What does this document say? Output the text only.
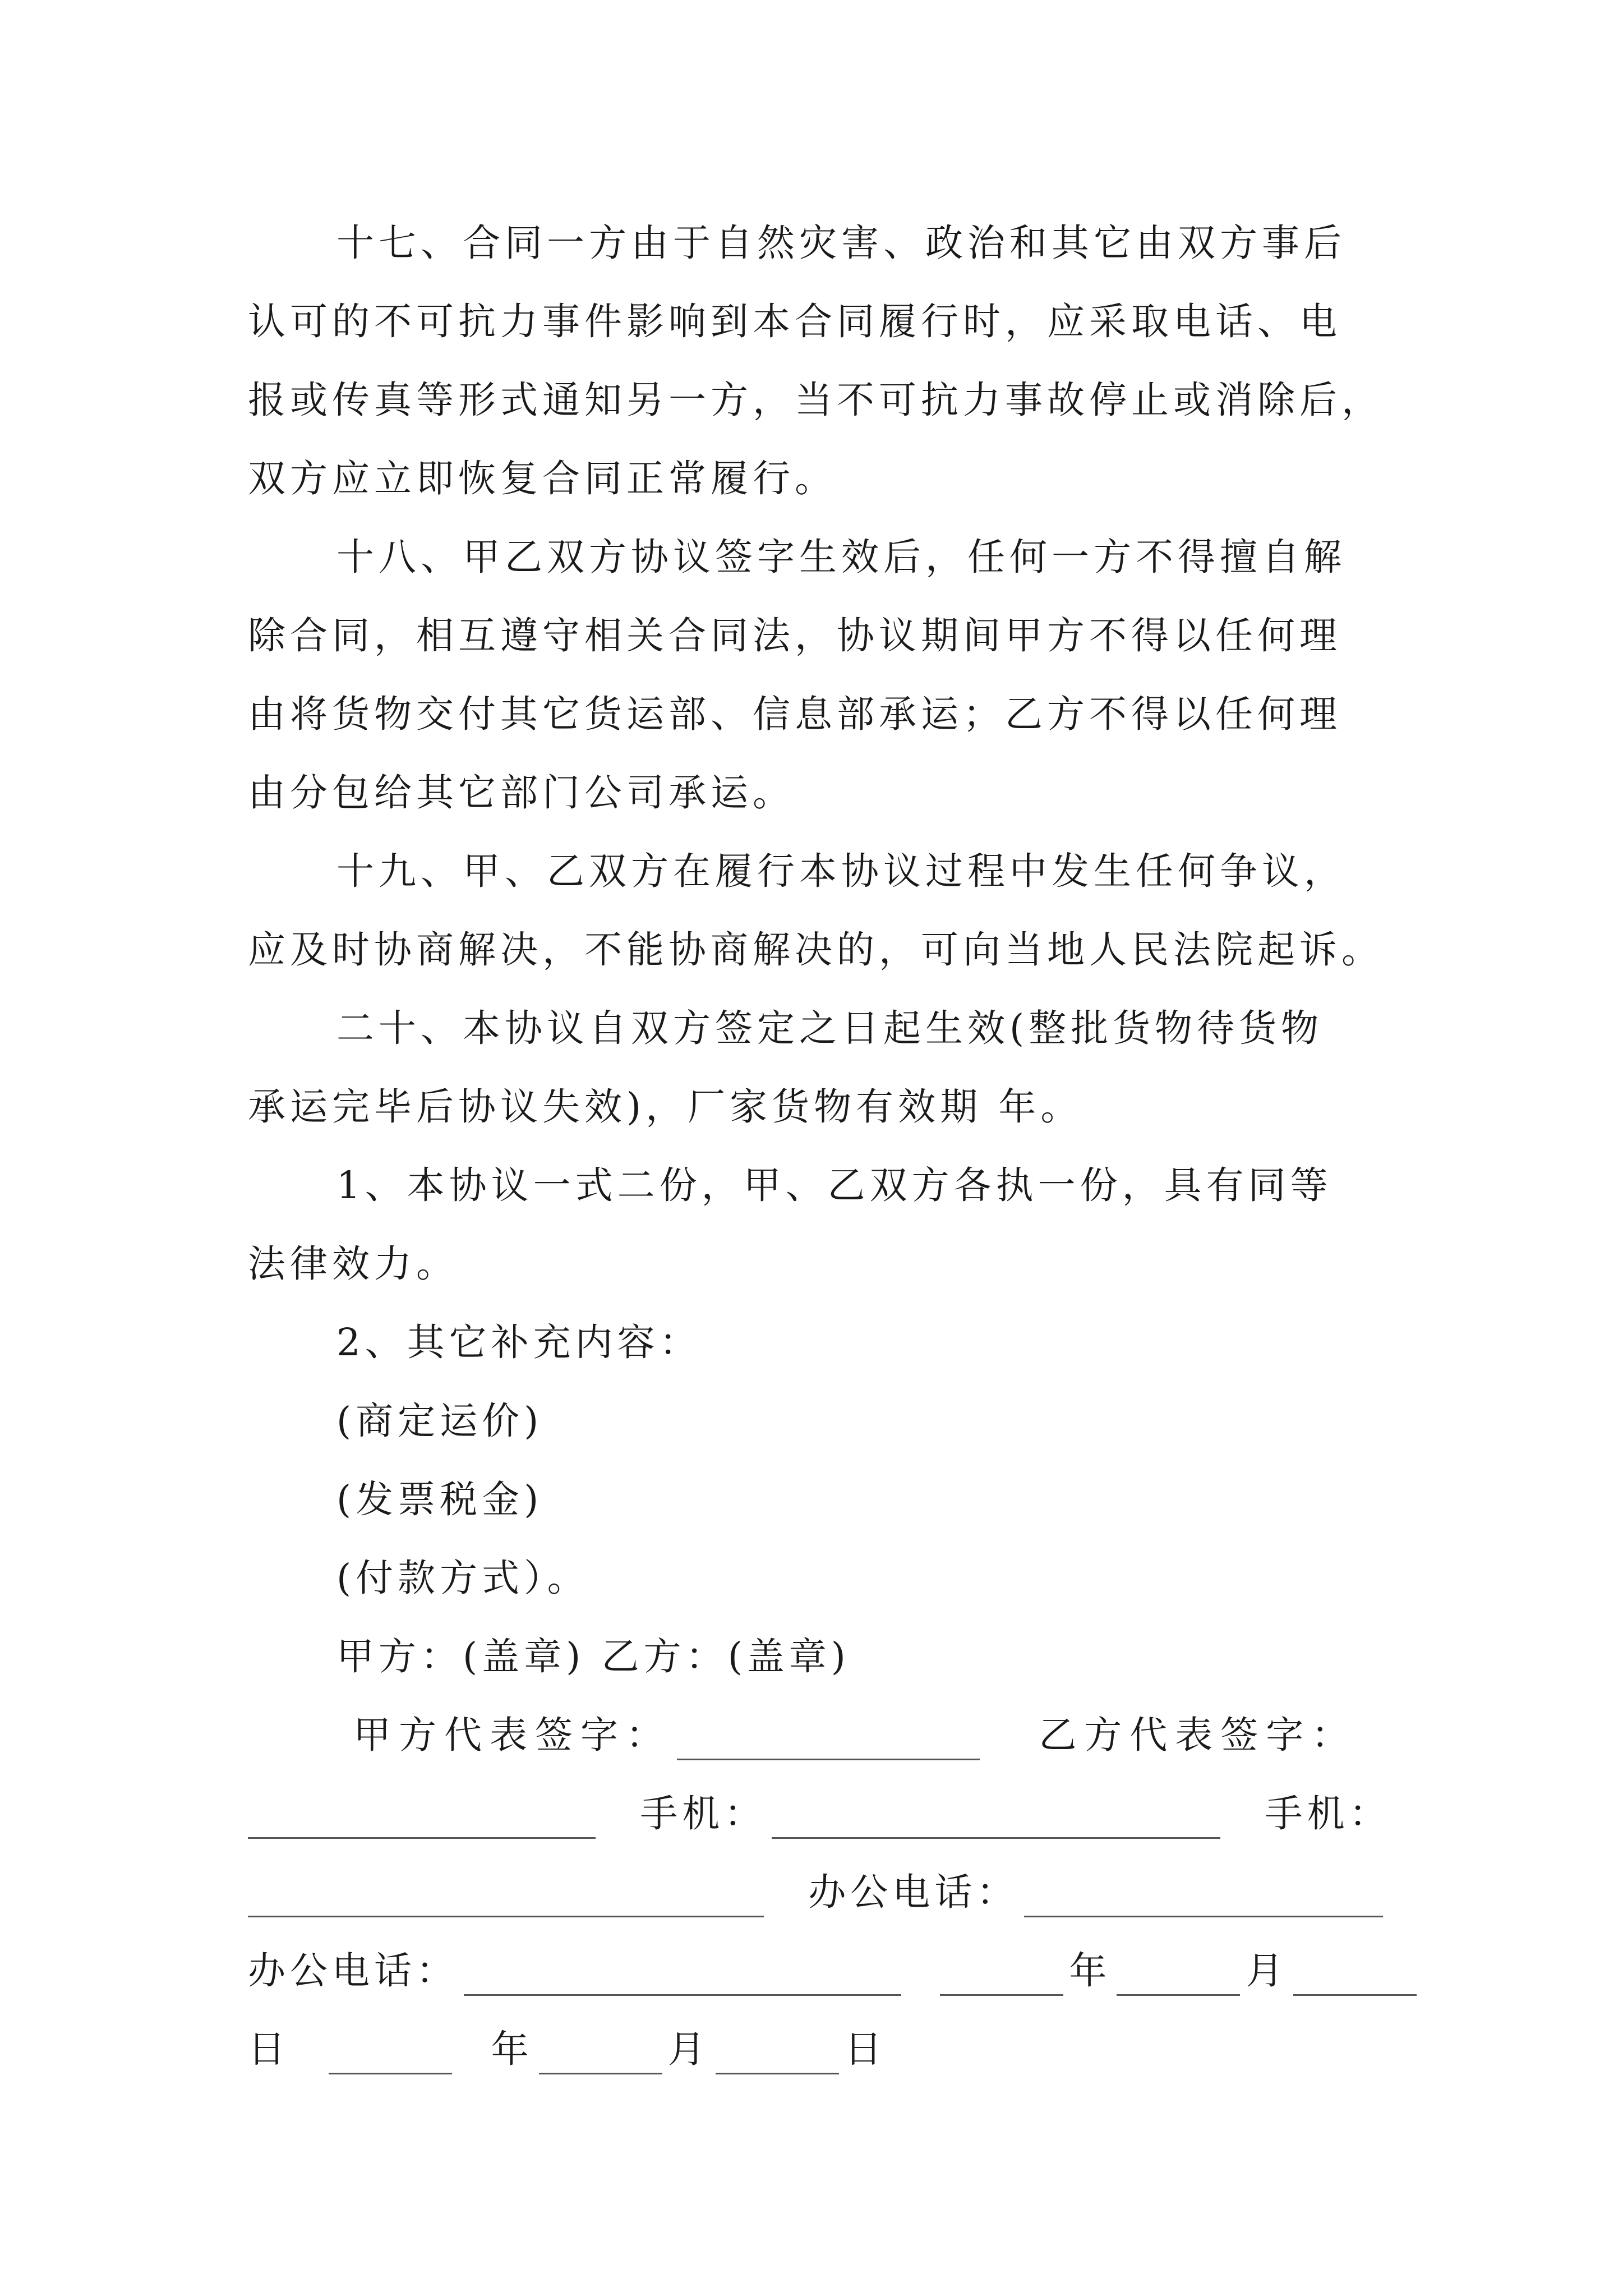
十七、合同一方由于自然灾害、政治和其它由双方事后
认可的不可抗力事件影响到本合同履行时，应采取电话、电
报或传真等形式通知另一方，当不可抗力事故停止或消除后，
双方应立即恢复合同正常履行。
十八、甲乙双方协议签字生效后，任何一方不得擅自解
除合同，相互遵守相关合同法，协议期间甲方不得以任何理
由将货物交付其它货运部、信息部承运；乙方不得以任何理
由分包给其它部门公司承运。
十九、甲、乙双方在履行本协议过程中发生任何争议，
应及时协商解决，不能协商解决的，可向当地人民法院起诉。
二十、本协议自双方签定之日起生效(整批货物待货物
承运完毕后协议失效)，厂家货物有效期 年。
1、本协议一式二份，甲、乙双方各执一份，具有同等
法律效力。
2、其它补充内容：
(商定运价)
(发票税金)
(付款方式）。
甲方：(盖章) 乙方：(盖章)
甲方代表签字：	乙方代表签字：
手机：	手机：
办公电话：
办公电话：	年	月
日	年	月	日
